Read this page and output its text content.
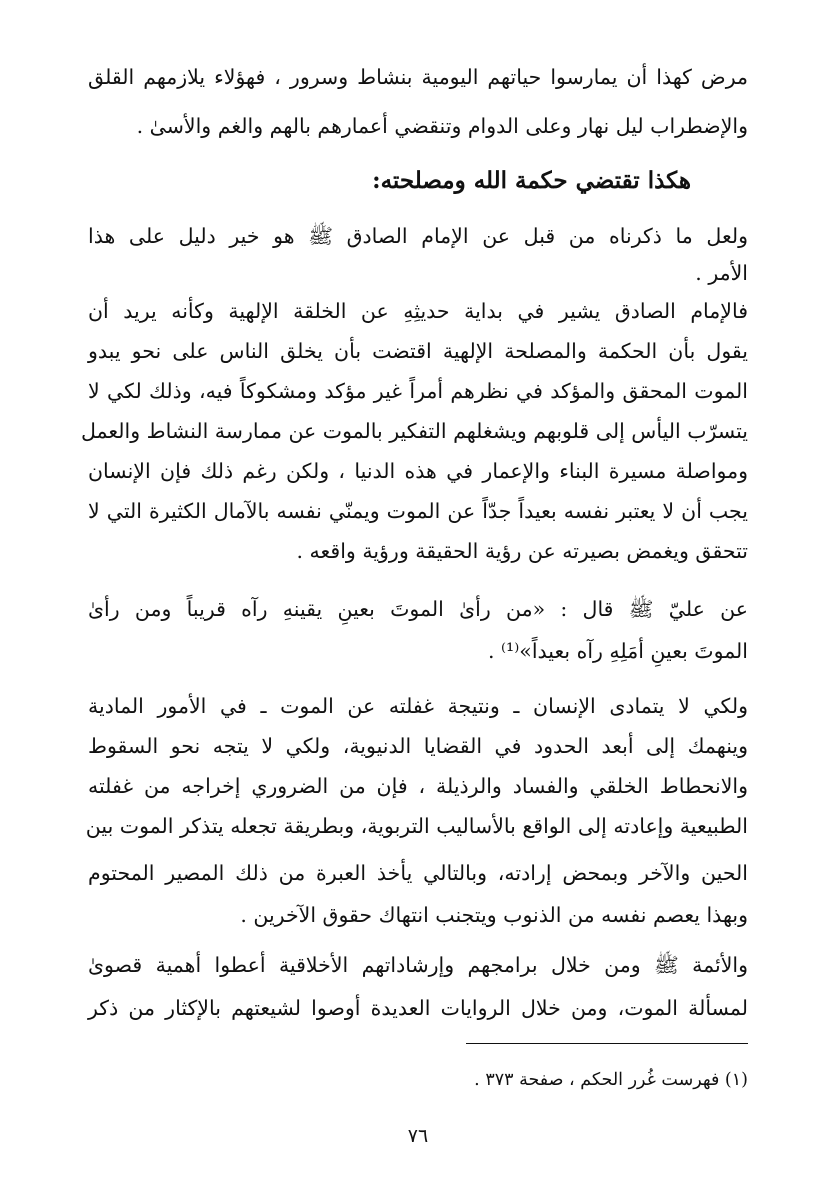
مرض كهذا أن يمارسوا حياتهم اليومية بنشاط وسرور ، فهؤلاء يلازمهم القلق
والإضطراب ليل نهار وعلى الدوام وتنقضي أعمارهم بالهم والغم والأسىٰ .
هكذا تقتضي حكمة الله ومصلحته:
ولعل ما ذكرناه من قبل عن الإمام الصادق ﷺ هو خير دليل على هذا
الأمر .
فالإمام الصادق يشير في بداية حديثِهِ عن الخلقة الإلهية وكأنه يريد أن
يقول بأن الحكمة والمصلحة الإلهية اقتضت بأن يخلق الناس على نحو يبدو
الموت المحقق والمؤكد في نظرهم أمراً غير مؤكد ومشكوكاً فيه، وذلك لكي لا
يتسرّب اليأس إلى قلوبهم ويشغلهم التفكير بالموت عن ممارسة النشاط والعمل
ومواصلة مسيرة البناء والإعمار في هذه الدنيا ، ولكن رغم ذلك فإن الإنسان
يجب أن لا يعتبر نفسه بعيداً جدّاً عن الموت ويمنّي نفسه بالآمال الكثيرة التي لا
تتحقق ويغمض بصيرته عن رؤية الحقيقة ورؤية واقعه .
عن عليّ ﷺ قال : «من رأىٰ الموتَ بعينِ يقينهِ رآه قريباً ومن رأىٰ
الموتَ بعينِ أمَلِهِ رآه بعيداً»⁽¹⁾ .
ولكي لا يتمادى الإنسان ـ ونتيجة غفلته عن الموت ـ في الأمور المادية
وينهمك إلى أبعد الحدود في القضايا الدنيوية، ولكي لا يتجه نحو السقوط
والانحطاط الخلقي والفساد والرذيلة ، فإن من الضروري إخراجه من غفلته
الطبيعية وإعادته إلى الواقع بالأساليب التربوية، وبطريقة تجعله يتذكر الموت بين
الحين والآخر وبمحض إرادته، وبالتالي يأخذ العبرة من ذلك المصير المحتوم
وبهذا يعصم نفسه من الذنوب ويتجنب انتهاك حقوق الآخرين .
والأئمة ﷺ ومن خلال برامجهم وإرشاداتهم الأخلاقية أعطوا أهمية قصوىٰ
لمسألة الموت، ومن خلال الروايات العديدة أوصوا لشيعتهم بالإكثار من ذكر
(١) فهرست غُرر الحكم ، صفحة ٣٧٣ .
٧٦
